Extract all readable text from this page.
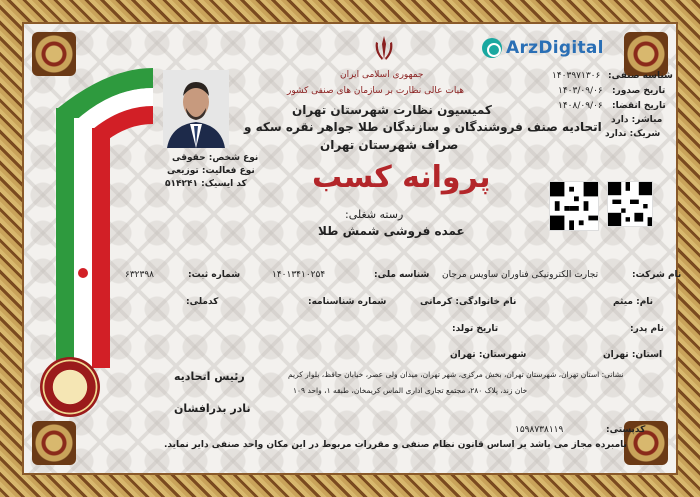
ArzDigital
جمهوری اسلامی ایران
هیات عالی نظارت بر سازمان های صنفی کشور
کمیسیون نظارت شهرستان تهران
اتحادیه صنف فروشندگان و سازندگان طلا جواهر نقره سکه و
صراف شهرستان تهران
پروانه کسب
رسته شغلی:
عمده فروشی شمش طلا
نوع شخص: حقوقی
نوع فعالیت: توزیعی
کد ایسیک: ۵۱۴۲۴۱
شناسه صنفی:
۱۴۰۳۹۷۱۳۰۶
تاریخ صدور:
۱۴۰۳/۰۹/۰۶
تاریخ انقضا:
۱۴۰۸/۰۹/۰۶
مباشر: دارد
شریک: ندارد
نام شرکت:
تجارت الکترونیکی فناوران ساویس مرجان
شناسه ملی:
۱۴۰۱۳۴۱۰۲۵۴
شماره ثبت:
۶۳۲۳۹۸
نام: میثم
نام خانوادگی: کرمانی
شماره شناسنامه:
کدملی:
نام پدر:
تاریخ تولد:
استان: تهران
شهرستان: تهران
نشانی: استان تهران، شهرستان تهران، بخش مرکزی، شهر تهران، میدان ولی عصر، خیابان حافظ، بلوار کریم
خان زند، پلاک ۲۸۰، مجتمع تجاری اداری الماس کریمخان، طبقه ۱، واحد ۱۰۹
کدپستی:
۱۵۹۸۷۳۸۱۱۹
نامبرده مجاز می باشد بر اساس قانون نظام صنفی و مقررات مربوط در این مکان واحد صنفی دایر نماید.
رئیس اتحادیه
نادر بذرافشان
